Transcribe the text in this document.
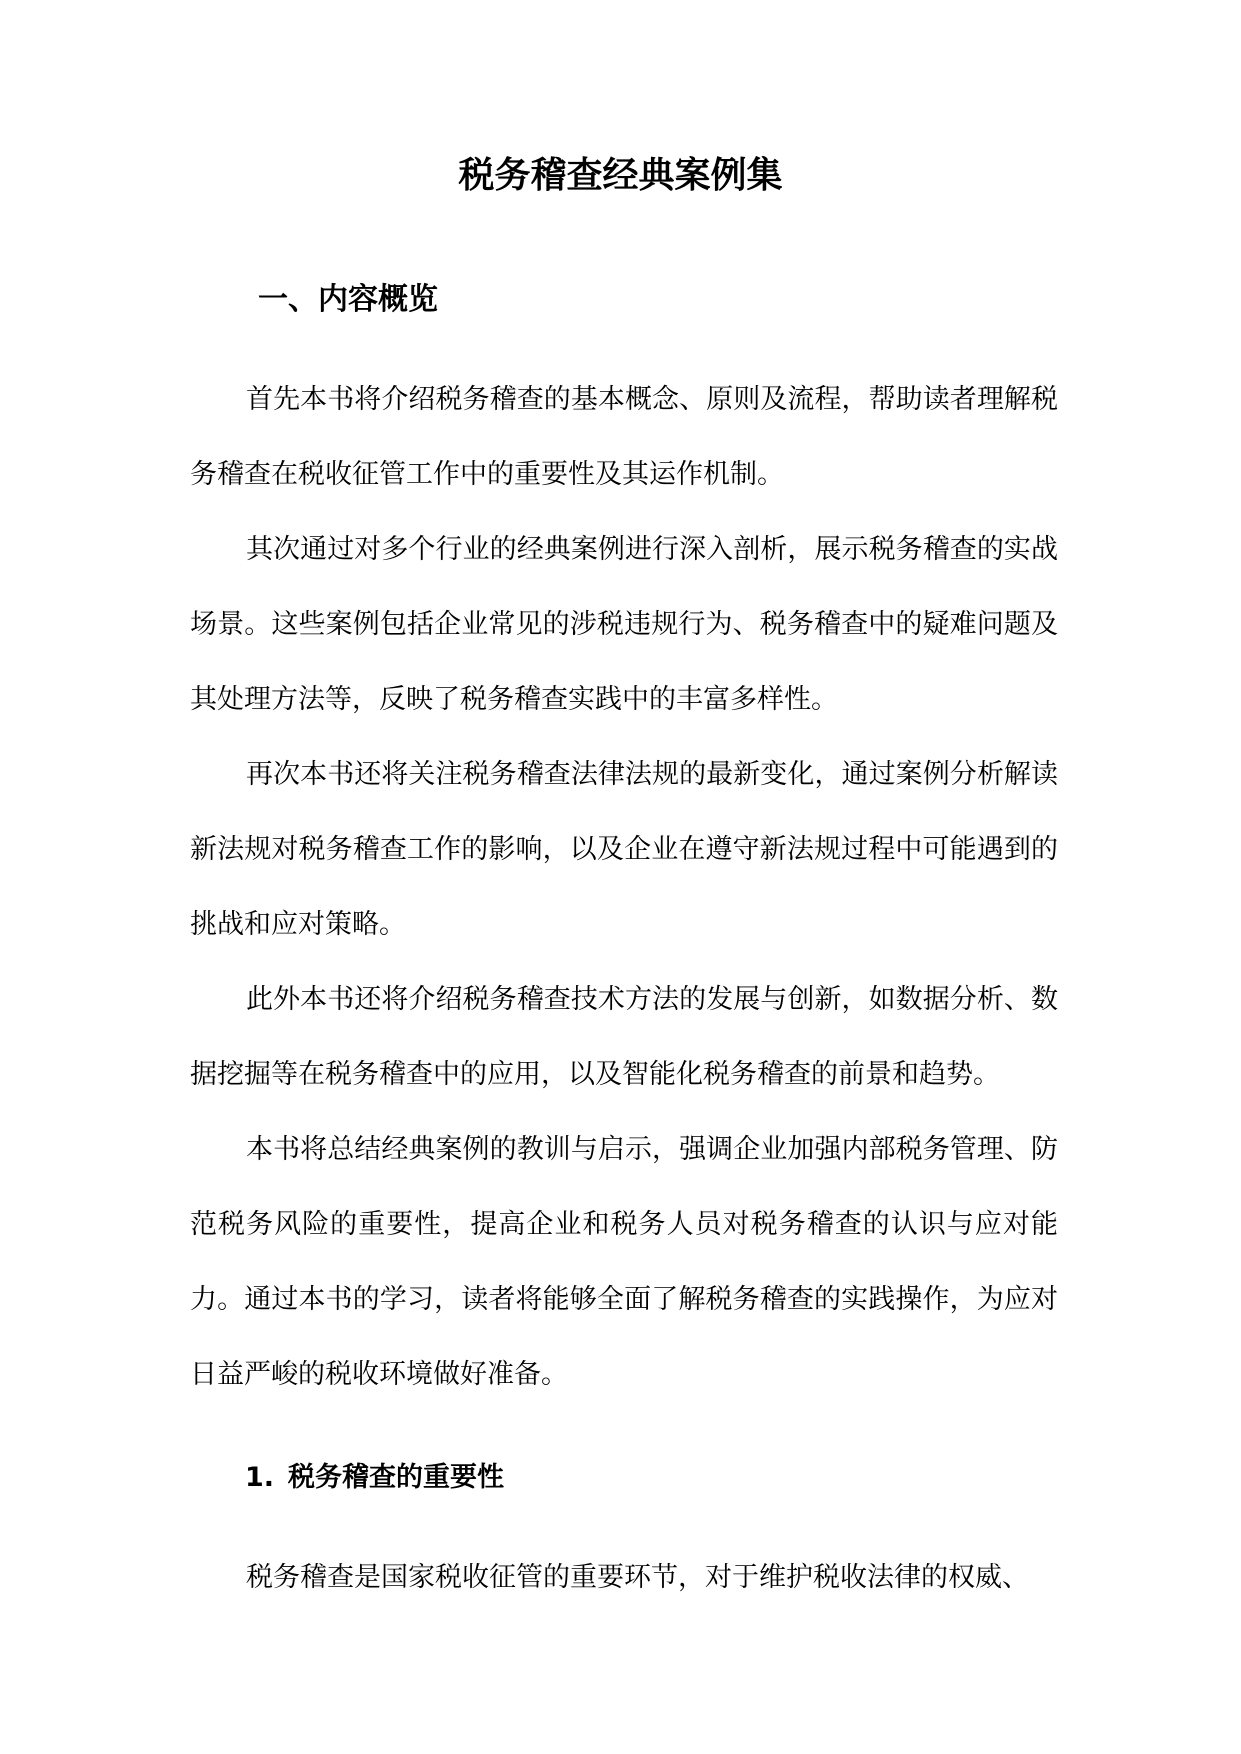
税务稽查经典案例集
一、内容概览

首先本书将介绍税务稽查的基本概念、原则及流程，帮助读者理解税务稽查在税收征管工作中的重要性及其运作机制。

其次通过对多个行业的经典案例进行深入剖析，展示税务稽查的实战场景。这些案例包括企业常见的涉税违规行为、税务稽查中的疑难问题及其处理方法等，反映了税务稽查实践中的丰富多样性。

再次本书还将关注税务稽查法律法规的最新变化，通过案例分析解读新法规对税务稽查工作的影响，以及企业在遵守新法规过程中可能遇到的挑战和应对策略。

此外本书还将介绍税务稽查技术方法的发展与创新，如数据分析、数据挖掘等在税务稽查中的应用，以及智能化税务稽查的前景和趋势。

本书将总结经典案例的教训与启示，强调企业加强内部税务管理、防范税务风险的重要性，提高企业和税务人员对税务稽查的认识与应对能力。通过本书的学习，读者将能够全面了解税务稽查的实践操作，为应对日益严峻的税收环境做好准备。

1. 税务稽查的重要性

税务稽查是国家税收征管的重要环节，对于维护税收法律的权威、
